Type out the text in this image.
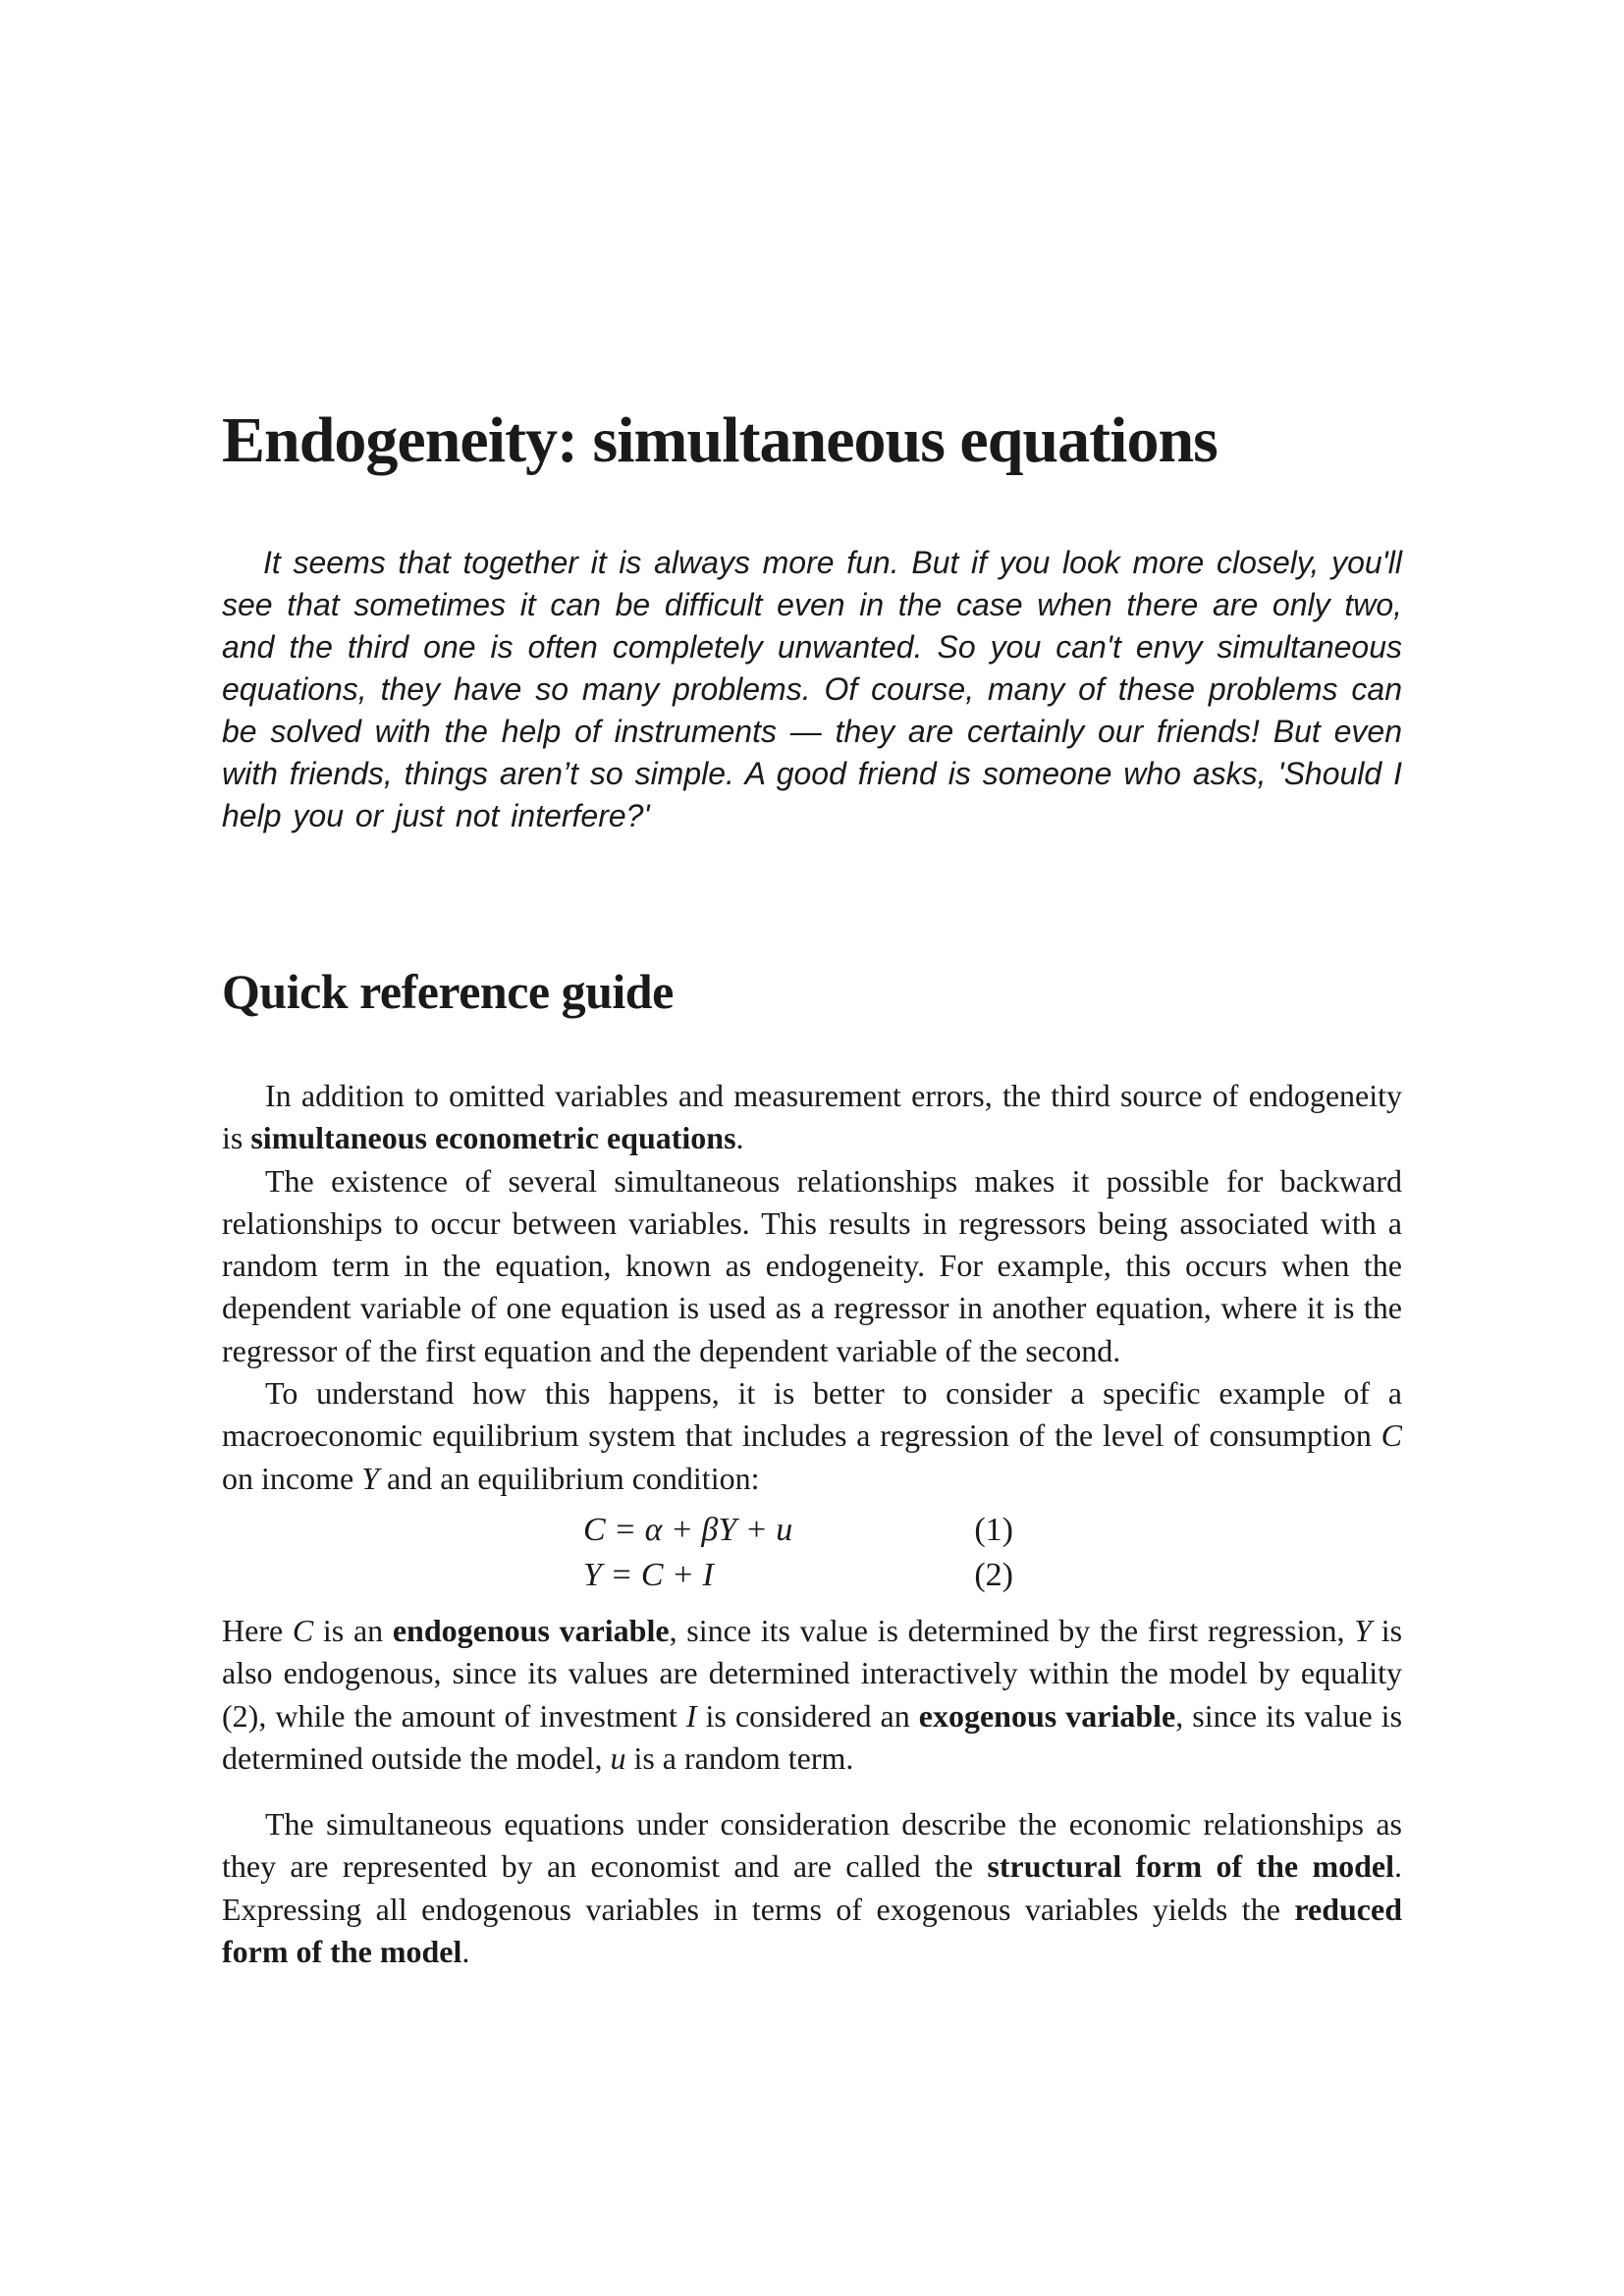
Endogeneity: simultaneous equations

It seems that together it is always more fun. But if you look more closely, you'll see that sometimes it can be difficult even in the case when there are only two, and the third one is often completely unwanted. So you can't envy simultaneous equations, they have so many problems. Of course, many of these problems can be solved with the help of instruments — they are certainly our friends! But even with friends, things aren’t so simple. A good friend is someone who asks, 'Should I help you or just not interfere?'

Quick reference guide

In addition to omitted variables and measurement errors, the third source of endogeneity is simultaneous econometric equations.

The existence of several simultaneous relationships makes it possible for backward relationships to occur between variables. This results in regressors being associated with a random term in the equation, known as endogeneity. For example, this occurs when the dependent variable of one equation is used as a regressor in another equation, where it is the regressor of the first equation and the dependent variable of the second.

To understand how this happens, it is better to consider a specific example of a macroeconomic equilibrium system that includes a regression of the level of consumption C on income Y and an equilibrium condition:

C = α + βY + u	(1)
Y = C + I	(2)

Here C is an endogenous variable, since its value is determined by the first regression, Y is also endogenous, since its values are determined interactively within the model by equality (2), while the amount of investment I is considered an exogenous variable, since its value is determined outside the model, u is a random term.

The simultaneous equations under consideration describe the economic relationships as they are represented by an economist and are called the structural form of the model. Expressing all endogenous variables in terms of exogenous variables yields the reduced form of the model.
